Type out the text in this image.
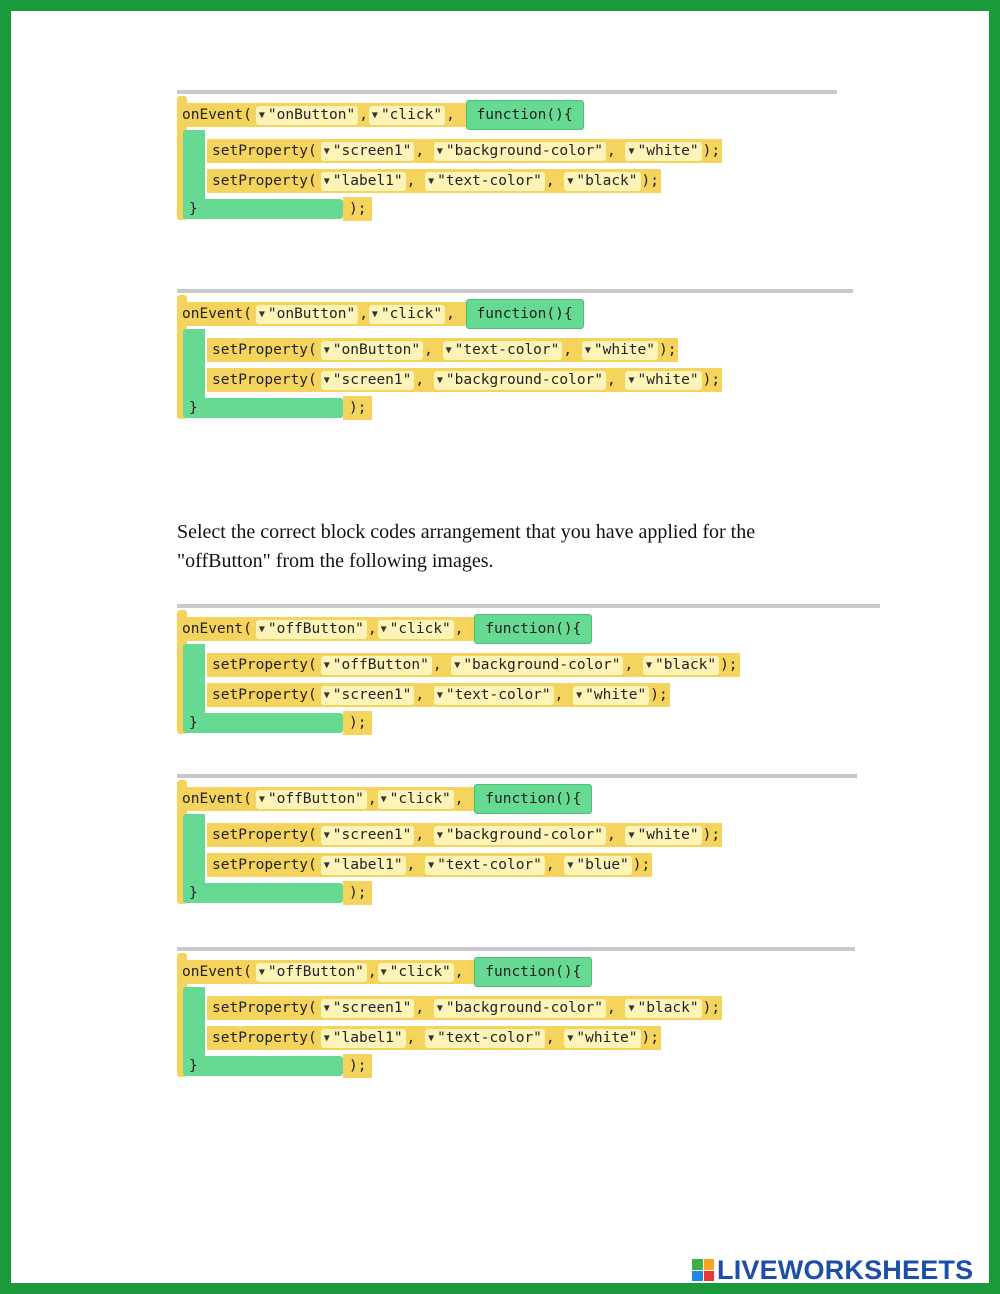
onEvent( ▼ "onButton" , ▼ "click" , function(){
setProperty( ▼ "screen1" , ▼ "background-color" , ▼ "white" );
setProperty( ▼ "label1" , ▼ "text-color" , ▼ "black" );
}	);
onEvent( ▼ "onButton" , ▼ "click" , function(){
setProperty( ▼ "onButton" , ▼ "text-color" , ▼ "white" );
setProperty( ▼ "screen1" , ▼ "background-color" , ▼ "white" );
}	);
onEvent( ▼ "offButton" , ▼ "click" , function(){
setProperty( ▼ "offButton" , ▼ "background-color" , ▼ "black" );
setProperty( ▼ "screen1" , ▼ "text-color" , ▼ "white" );
}	);
onEvent( ▼ "offButton" , ▼ "click" , function(){
setProperty( ▼ "screen1" , ▼ "background-color" , ▼ "white" );
setProperty( ▼ "label1" , ▼ "text-color" , ▼ "blue" );
}	);
onEvent( ▼ "offButton" , ▼ "click" , function(){
setProperty( ▼ "screen1" , ▼ "background-color" , ▼ "black" );
setProperty( ▼ "label1" , ▼ "text-color" , ▼ "white" );
}	);
Select the correct block codes arrangement that you have applied for the
"offButton" from the following images.
LIVEWORKSHEETS
